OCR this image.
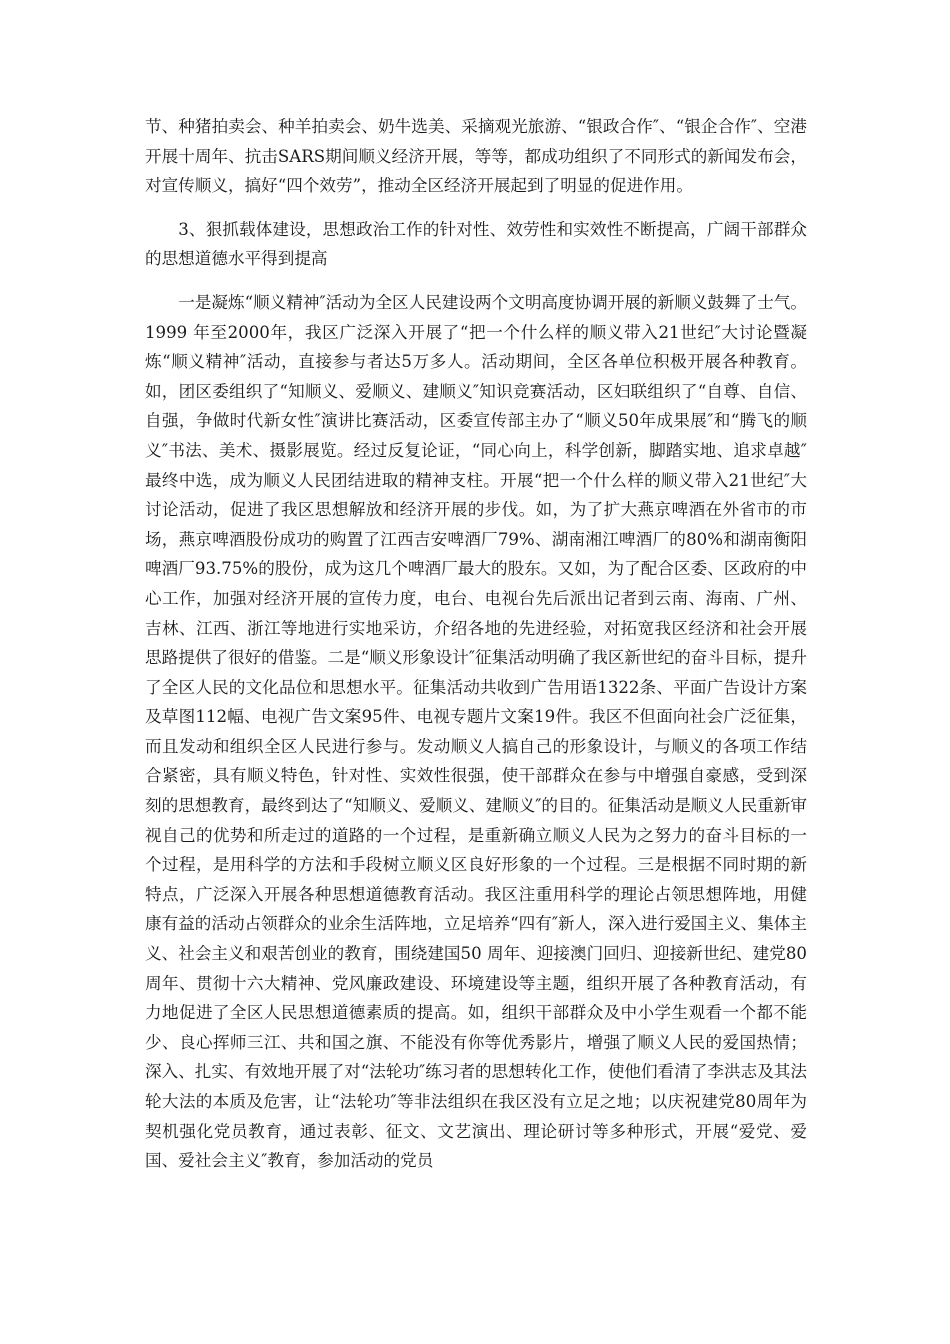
节、种猪拍卖会、种羊拍卖会、奶牛选美、采摘观光旅游、“银政合作″、“银企合作″、空港开展十周年、抗击SARS期间顺义经济开展，等等，都成功组织了不同形式的新闻发布会，对宣传顺义，搞好“四个效劳”，推动全区经济开展起到了明显的促进作用。

3、狠抓载体建设，思想政治工作的针对性、效劳性和实效性不断提高，广阔干部群众的思想道德水平得到提高

一是凝炼“顺义精神″活动为全区人民建设两个文明高度协调开展的新顺义鼓舞了士气。1999 年至2000年，我区广泛深入开展了“把一个什么样的顺义带入21世纪″大讨论暨凝炼“顺义精神″活动，直接参与者达5万多人。活动期间，全区各单位积极开展各种教育。如，团区委组织了“知顺义、爱顺义、建顺义″知识竞赛活动，区妇联组织了“自尊、自信、自强，争做时代新女性″演讲比赛活动，区委宣传部主办了“顺义50年成果展″和“腾飞的顺义″书法、美术、摄影展览。经过反复论证，“同心向上，科学创新，脚踏实地、追求卓越″最终中选，成为顺义人民团结进取的精神支柱。开展“把一个什么样的顺义带入21世纪″大讨论活动，促进了我区思想解放和经济开展的步伐。如，为了扩大燕京啤酒在外省市的市场，燕京啤酒股份成功的购置了江西吉安啤酒厂79%、湖南湘江啤酒厂的80%和湖南衡阳啤酒厂93.75%的股份，成为这几个啤酒厂最大的股东。又如，为了配合区委、区政府的中心工作，加强对经济开展的宣传力度，电台、电视台先后派出记者到云南、海南、广州、吉林、江西、浙江等地进行实地采访，介绍各地的先进经验，对拓宽我区经济和社会开展思路提供了很好的借鉴。二是“顺义形象设计″征集活动明确了我区新世纪的奋斗目标，提升了全区人民的文化品位和思想水平。征集活动共收到广告用语1322条、平面广告设计方案及草图112幅、电视广告文案95件、电视专题片文案19件。我区不但面向社会广泛征集，而且发动和组织全区人民进行参与。发动顺义人搞自己的形象设计，与顺义的各项工作结合紧密，具有顺义特色，针对性、实效性很强，使干部群众在参与中增强自豪感，受到深刻的思想教育，最终到达了“知顺义、爱顺义、建顺义″的目的。征集活动是顺义人民重新审视自己的优势和所走过的道路的一个过程，是重新确立顺义人民为之努力的奋斗目标的一个过程，是用科学的方法和手段树立顺义区良好形象的一个过程。三是根据不同时期的新特点，广泛深入开展各种思想道德教育活动。我区注重用科学的理论占领思想阵地，用健康有益的活动占领群众的业余生活阵地，立足培养“四有″新人，深入进行爱国主义、集体主义、社会主义和艰苦创业的教育，围绕建国50 周年、迎接澳门回归、迎接新世纪、建党80周年、贯彻十六大精神、党风廉政建设、环境建设等主题，组织开展了各种教育活动，有力地促进了全区人民思想道德素质的提高。如，组织干部群众及中小学生观看一个都不能少、良心挥师三江、共和国之旗、不能没有你等优秀影片，增强了顺义人民的爱国热情；深入、扎实、有效地开展了对“法轮功″练习者的思想转化工作，使他们看清了李洪志及其法轮大法的本质及危害，让“法轮功″等非法组织在我区没有立足之地；以庆祝建党80周年为契机强化党员教育，通过表彰、征文、文艺演出、理论研讨等多种形式，开展“爱党、爱国、爱社会主义″教育，参加活动的党员
